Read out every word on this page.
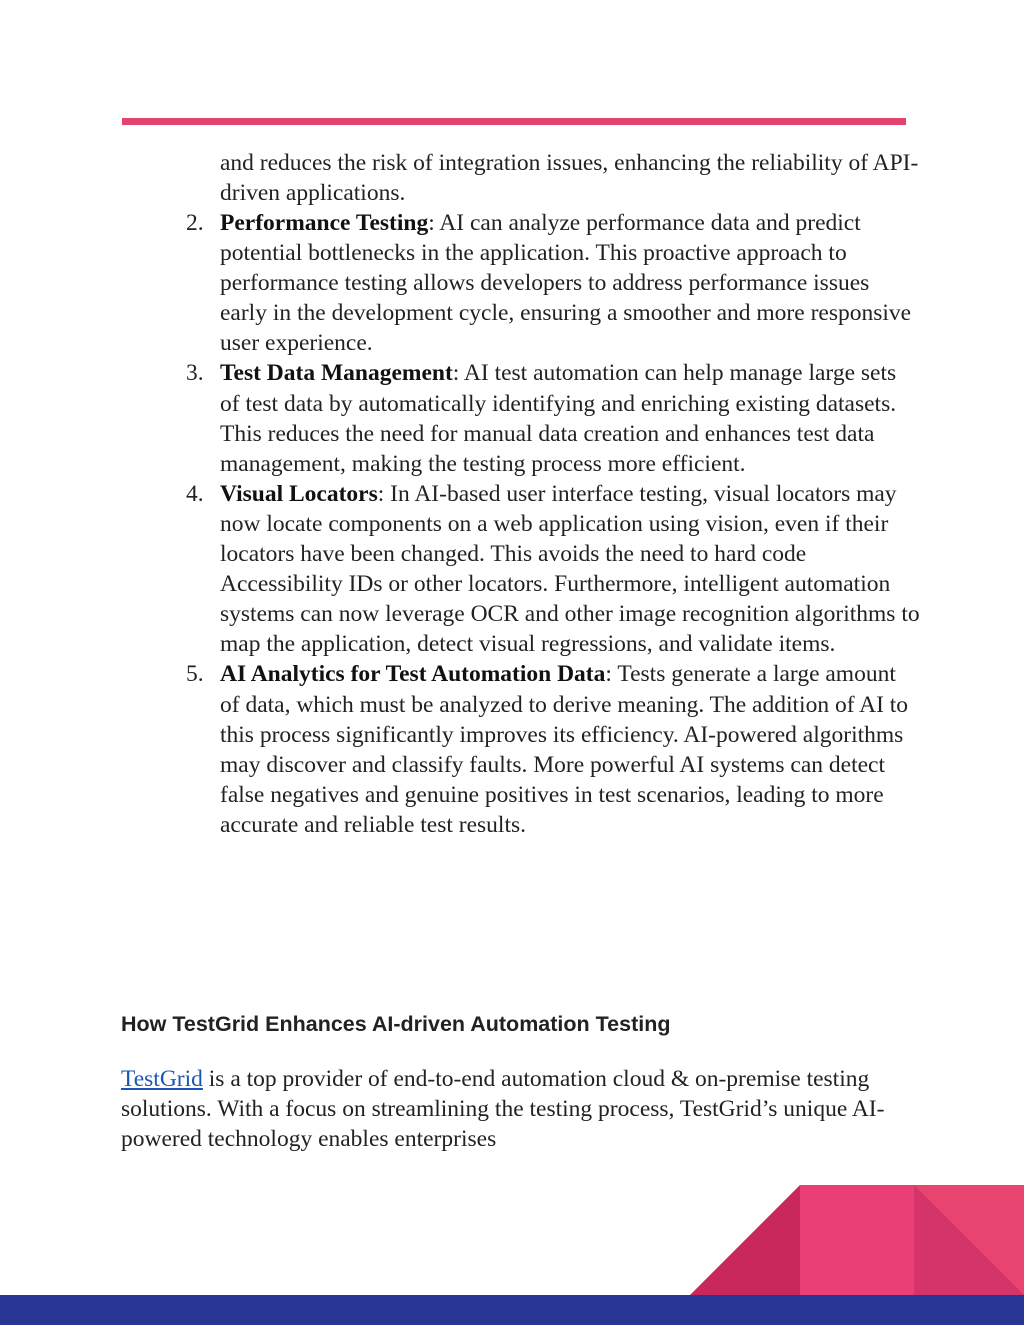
and reduces the risk of integration issues, enhancing the reliability of API-driven applications.

2 . Performance Testing: AI can analyze performance data and predict potential bottlenecks in the application. This proactive approach to performance testing allows developers to address performance issues early in the development cycle, ensuring a smoother and more responsive user experience.
3 . Test Data Management: AI test automation can help manage large sets of test data by automatically identifying and enriching existing datasets. This reduces the need for manual data creation and enhances test data management, making the testing process more efficient.
4 . Visual Locators: In AI-based user interface testing, visual locators may now locate components on a web application using vision, even if their locators have been changed. This avoids the need to hard code Accessibility IDs or other locators. Furthermore, intelligent automation systems can now leverage OCR and other image recognition algorithms to map the application, detect visual regressions, and validate items.
5 . AI Analytics for Test Automation Data: Tests generate a large amount of data, which must be analyzed to derive meaning. The addition of AI to this process significantly improves its efficiency. AI-powered algorithms may discover and classify faults. More powerful AI systems can detect false negatives and genuine positives in test scenarios, leading to more accurate and reliable test results.
How TestGrid Enhances AI-driven Automation Testing

TestGrid is a top provider of end-to-end automation cloud & on-premise testing solutions. With a focus on streamlining the testing process, TestGrid’s unique AI-powered technology enables enterprises
